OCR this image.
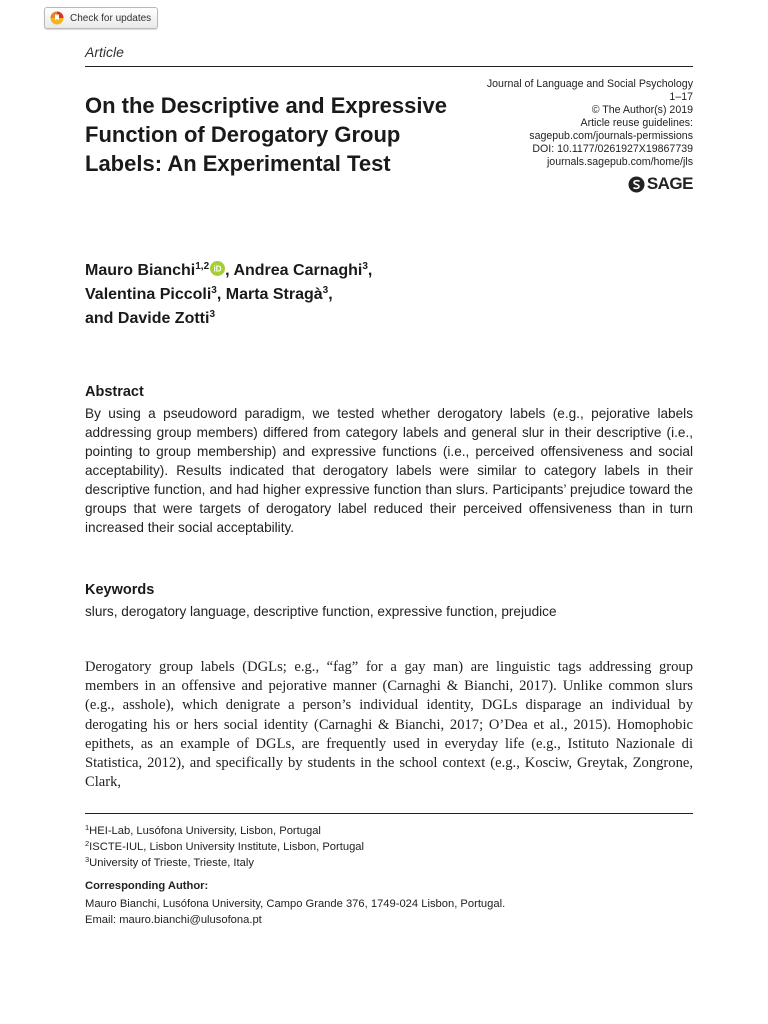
Check for updates
Article
Journal of Language and Social Psychology
1–17
© The Author(s) 2019
Article reuse guidelines:
sagepub.com/journals-permissions
DOI: 10.1177/0261927X19867739
journals.sagepub.com/home/jls
SAGE
On the Descriptive and Expressive Function of Derogatory Group Labels: An Experimental Test
Mauro Bianchi$^{1,2}$ iD , Andrea Carnaghi$^3$,
Valentina Piccoli$^3$, Marta Stragà$^3$,
and Davide Zotti$^3$
Abstract

By using a pseudoword paradigm, we tested whether derogatory labels (e.g., pejorative labels addressing group members) differed from category labels and general slur in their descriptive (i.e., pointing to group membership) and expressive functions (i.e., perceived offensiveness and social acceptability). Results indicated that derogatory labels were similar to category labels in their descriptive function, and had higher expressive function than slurs. Participants’ prejudice toward the groups that were targets of derogatory label reduced their perceived offensiveness than in turn increased their social acceptability.

Keywords

slurs, derogatory language, descriptive function, expressive function, prejudice

Derogatory group labels (DGLs; e.g., “fag” for a gay man) are linguistic tags addressing group members in an offensive and pejorative manner (Carnaghi & Bianchi, 2017). Unlike common slurs (e.g., asshole), which denigrate a person’s individual identity, DGLs disparage an individual by derogating his or hers social identity (Carnaghi & Bianchi, 2017; O’Dea et al., 2015). Homophobic epithets, as an example of DGLs, are frequently used in everyday life (e.g., Istituto Nazionale di Statistica, 2012), and specifically by students in the school context (e.g., Kosciw, Greytak, Zongrone, Clark,

$^1$HEI-Lab, Lusófona University, Lisbon, Portugal
$^2$ISCTE-IUL, Lisbon University Institute, Lisbon, Portugal
$^3$University of Trieste, Trieste, Italy
Corresponding Author:
Mauro Bianchi, Lusófona University, Campo Grande 376, 1749-024 Lisbon, Portugal.
Email: mauro.bianchi@ulusofona.pt
